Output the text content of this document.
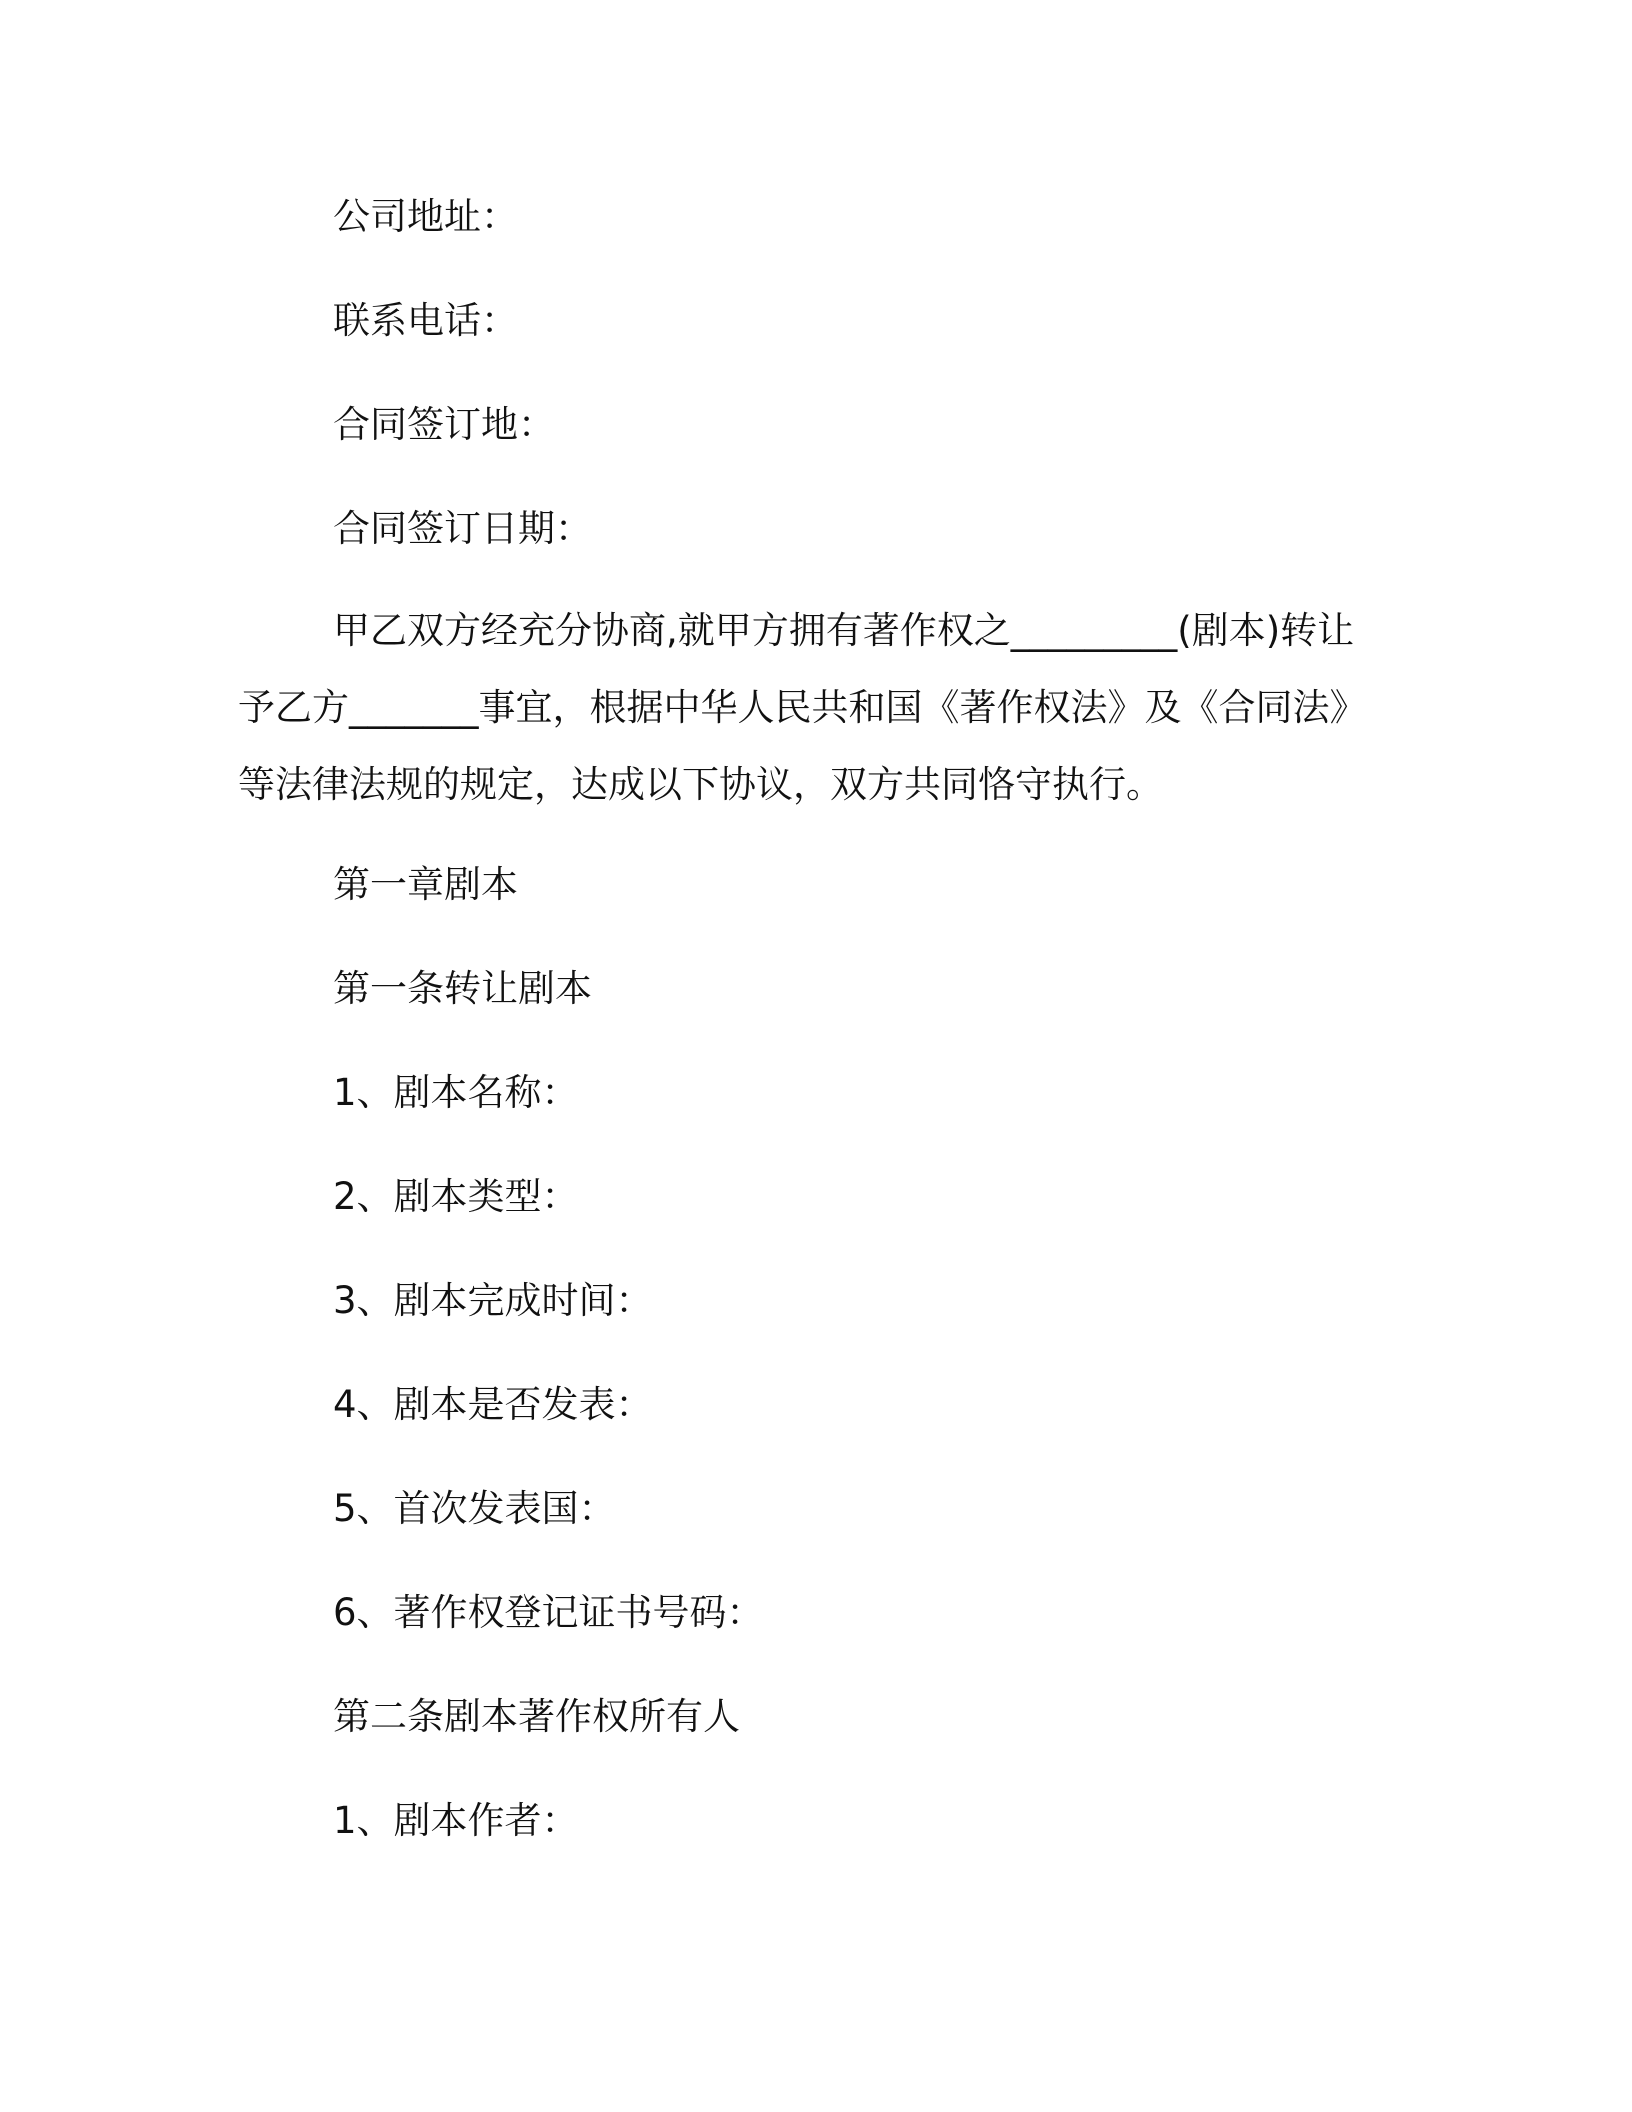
公司地址：
联系电话：
合同签订地：
合同签订日期：
甲乙双方经充分协商,就甲方拥有著作权之_________(剧本)转让
予乙方_______事宜，根据中华人民共和国《著作权法》及《合同法》
等法律法规的规定，达成以下协议，双方共同恪守执行。
第一章剧本
第一条转让剧本
1、剧本名称：
2、剧本类型：
3、剧本完成时间：
4、剧本是否发表：
5、首次发表国：
6、著作权登记证书号码：
第二条剧本著作权所有人
1、剧本作者：
